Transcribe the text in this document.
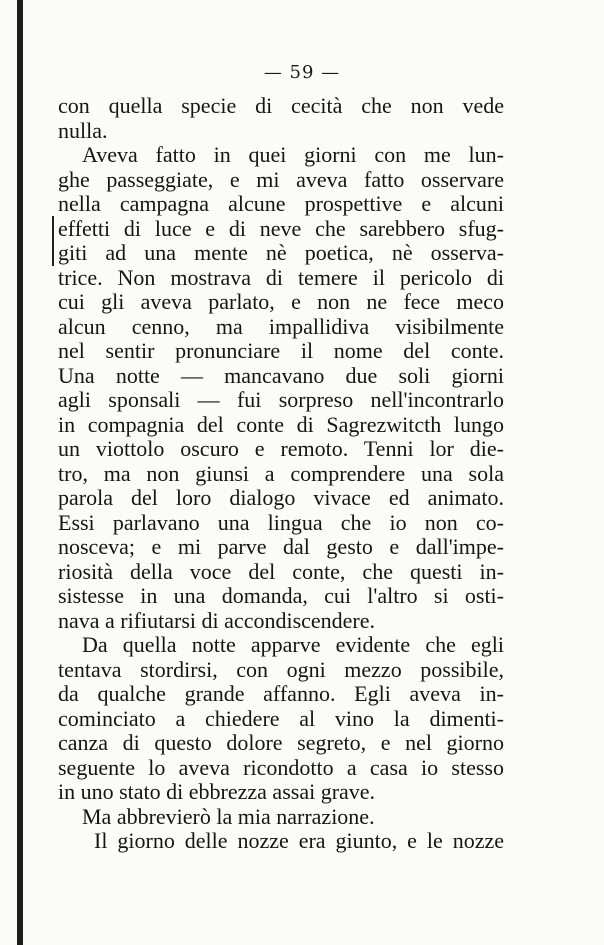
— 59 —
con quella specie di cecità che non vede
nulla.
Aveva fatto in quei giorni con me lun-
ghe passeggiate, e mi aveva fatto osservare
nella campagna alcune prospettive e alcuni
effetti di luce e di neve che sarebbero sfug-
giti ad una mente nè poetica, nè osserva-
trice. Non mostrava di temere il pericolo di
cui gli aveva parlato, e non ne fece meco
alcun cenno, ma impallidiva visibilmente
nel sentir pronunciare il nome del conte.
Una notte — mancavano due soli giorni
agli sponsali — fui sorpreso nell'incontrarlo
in compagnia del conte di Sagrezwitcth lungo
un viottolo oscuro e remoto. Tenni lor die-
tro, ma non giunsi a comprendere una sola
parola del loro dialogo vivace ed animato.
Essi parlavano una lingua che io non co-
nosceva; e mi parve dal gesto e dall'impe-
riosità della voce del conte, che questi in-
sistesse in una domanda, cui l'altro si osti-
nava a rifiutarsi di accondiscendere.
Da quella notte apparve evidente che egli
tentava stordirsi, con ogni mezzo possibile,
da qualche grande affanno. Egli aveva in-
cominciato a chiedere al vino la dimenti-
canza di questo dolore segreto, e nel giorno
seguente lo aveva ricondotto a casa io stesso
in uno stato di ebbrezza assai grave.
Ma abbrevierò la mia narrazione.
Il giorno delle nozze era giunto, e le nozze
